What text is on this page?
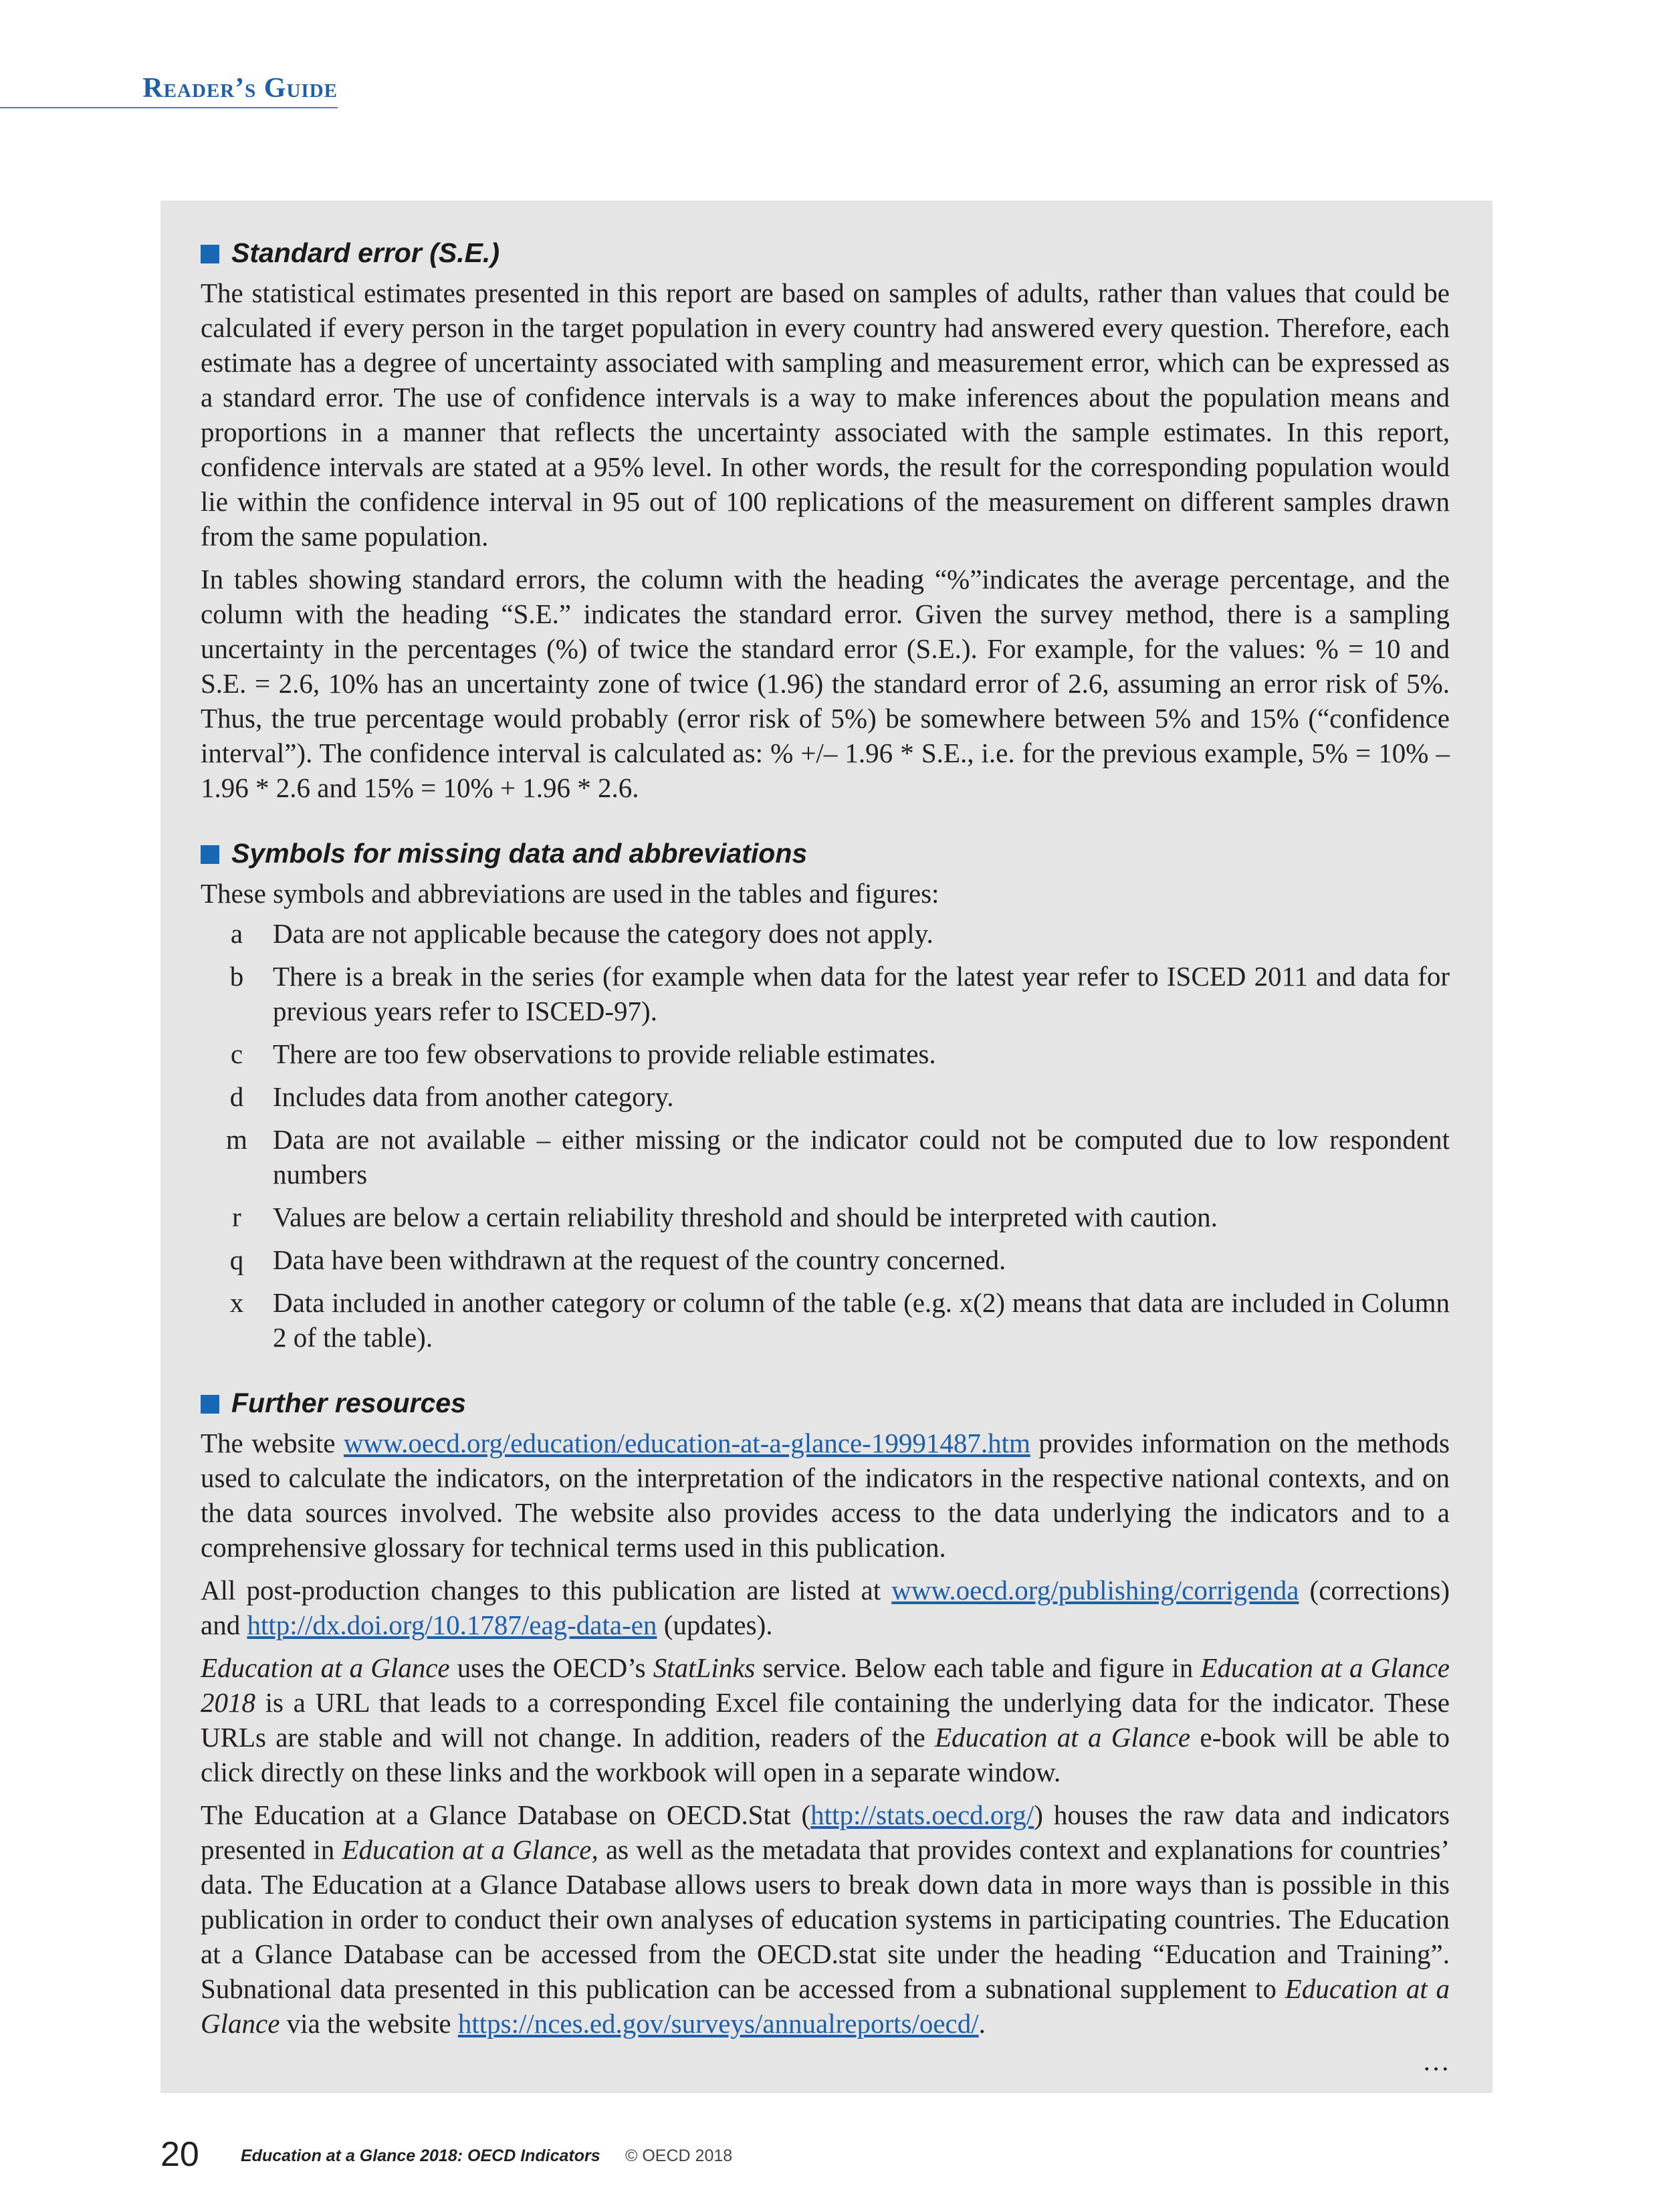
Reader’s Guide
Standard error (S.E.)

The statistical estimates presented in this report are based on samples of adults, rather than values that could be calculated if every person in the target population in every country had answered every question. Therefore, each estimate has a degree of uncertainty associated with sampling and measurement error, which can be expressed as a standard error. The use of confidence intervals is a way to make inferences about the population means and proportions in a manner that reflects the uncertainty associated with the sample estimates. In this report, confidence intervals are stated at a 95% level. In other words, the result for the corresponding population would lie within the confidence interval in 95 out of 100 replications of the measurement on different samples drawn from the same population.

In tables showing standard errors, the column with the heading “%”indicates the average percentage, and the column with the heading “S.E.” indicates the standard error. Given the survey method, there is a sampling uncertainty in the percentages (%) of twice the standard error (S.E.). For example, for the values: % = 10 and S.E. = 2.6, 10% has an uncertainty zone of twice (1.96) the standard error of 2.6, assuming an error risk of 5%. Thus, the true percentage would probably (error risk of 5%) be somewhere between 5% and 15% (“confidence interval”). The confidence interval is calculated as: % +/– 1.96 * S.E., i.e. for the previous example, 5% = 10% – 1.96 * 2.6 and 15% = 10% + 1.96 * 2.6.

Symbols for missing data and abbreviations

These symbols and abbreviations are used in the tables and figures:

a	Data are not applicable because the category does not apply.
b	There is a break in the series (for example when data for the latest year refer to ISCED 2011 and data for previous years refer to ISCED-97).
c	There are too few observations to provide reliable estimates.
d	Includes data from another category.
m Data are not available – either missing or the indicator could not be computed due to low respondent numbers
r	Values are below a certain reliability threshold and should be interpreted with caution.
q	Data have been withdrawn at the request of the country concerned.
x	Data included in another category or column of the table (e.g. x(2) means that data are included in Column 2 of the table).
Further resources

The website www.oecd.org/education/education-at-a-glance-19991487.htm provides information on the methods used to calculate the indicators, on the interpretation of the indicators in the respective national contexts, and on the data sources involved. The website also provides access to the data underlying the indicators and to a comprehensive glossary for technical terms used in this publication.

All post-production changes to this publication are listed at www.oecd.org/publishing/corrigenda (corrections) and http://dx.doi.org/10.1787/eag-data-en (updates).

Education at a Glance uses the OECD’s StatLinks service. Below each table and figure in Education at a Glance 2018 is a URL that leads to a corresponding Excel file containing the underlying data for the indicator. These URLs are stable and will not change. In addition, readers of the Education at a Glance e-book will be able to click directly on these links and the workbook will open in a separate window.

The Education at a Glance Database on OECD.Stat (http://stats.oecd.org/) houses the raw data and indicators presented in Education at a Glance, as well as the metadata that provides context and explanations for countries’ data. The Education at a Glance Database allows users to break down data in more ways than is possible in this publication in order to conduct their own analyses of education systems in participating countries. The Education at a Glance Database can be accessed from the OECD.stat site under the heading “Education and Training”. Subnational data presented in this publication can be accessed from a subnational supplement to Education at a Glance via the website https://nces.ed.gov/surveys/annualreports/oecd/.

…
20 Education at a Glance 2018: OECD Indicators © OECD 2018
